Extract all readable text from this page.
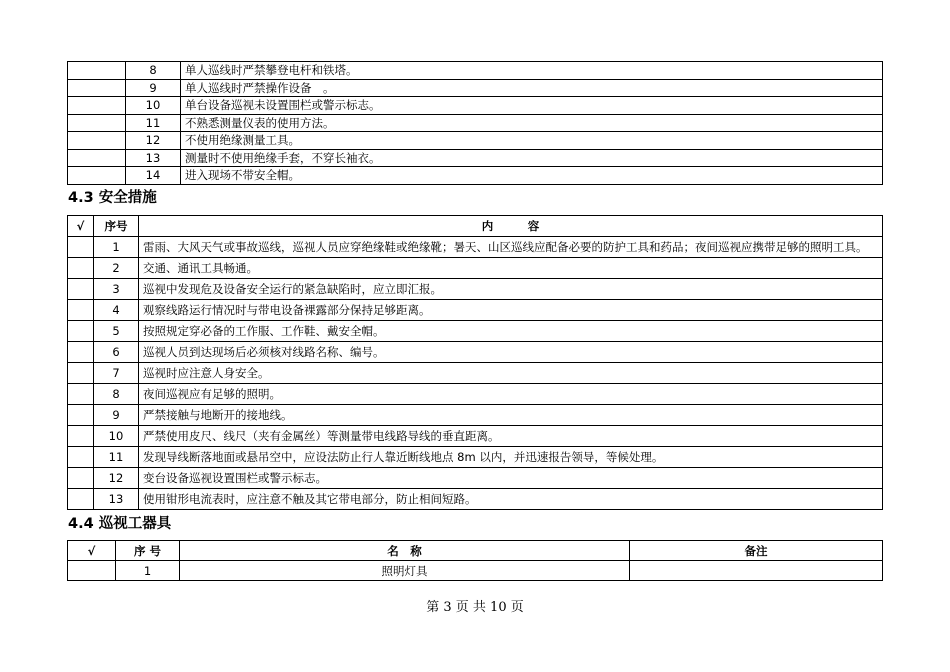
	8	单人巡线时严禁攀登电杆和铁塔。
	9	单人巡线时严禁操作设备　。
	10	单台设备巡视未设置围栏或警示标志。
	11	不熟悉测量仪表的使用方法。
	12	不使用绝缘测量工具。
	13	测量时不使用绝缘手套，不穿长袖衣。
	14	进入现场不带安全帽。
4.3 安全措施
√	序号	内　　　容
	1	雷雨、大风天气或事故巡线，巡视人员应穿绝缘鞋或绝缘靴；暑天、山区巡线应配备必要的防护工具和药品；夜间巡视应携带足够的照明工具。
	2	交通、通讯工具畅通。
	3	巡视中发现危及设备安全运行的紧急缺陷时，应立即汇报。
	4	观察线路运行情况时与带电设备裸露部分保持足够距离。
	5	按照规定穿必备的工作服、工作鞋、戴安全帽。
	6	巡视人员到达现场后必须核对线路名称、编号。
	7	巡视时应注意人身安全。
	8	夜间巡视应有足够的照明。
	9	严禁接触与地断开的接地线。
	10	严禁使用皮尺、线尺（夹有金属丝）等测量带电线路导线的垂直距离。
	11	发现导线断落地面或悬吊空中，应设法防止行人靠近断线地点 8m 以内，并迅速报告领导，等候处理。
	12	变台设备巡视设置围栏或警示标志。
	13	使用钳形电流表时，应注意不触及其它带电部分，防止相间短路。
4.4 巡视工器具
√	序 号	名　称	备注
	1	照明灯具	
第 3 页 共 10 页
